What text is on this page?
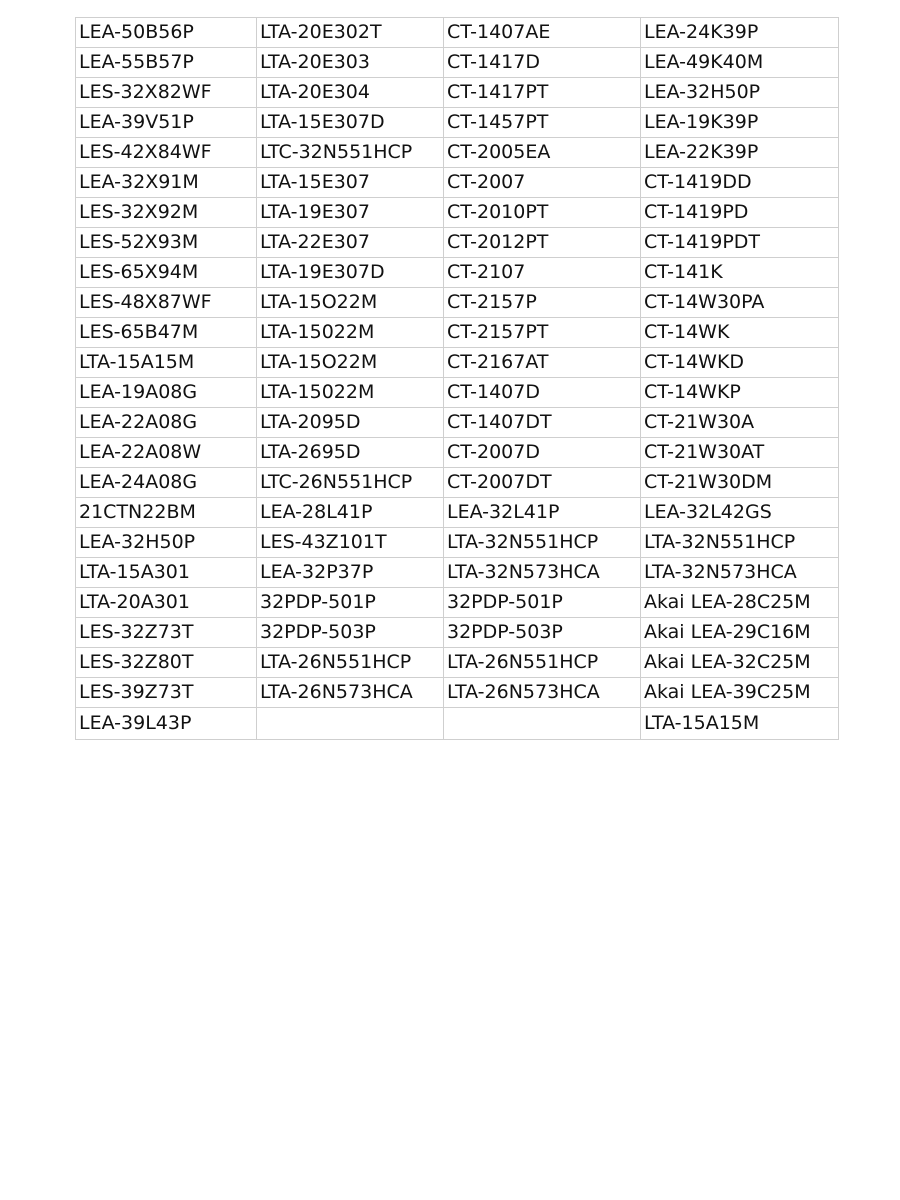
LEA-50B56P	LTA-20E302T	CT-1407AE	LEA-24K39P
LEA-55B57P	LTA-20E303	CT-1417D	LEA-49K40M
LES-32X82WF	LTA-20E304	CT-1417PT	LEA-32H50P
LEA-39V51P	LTA-15E307D	CT-1457PT	LEA-19K39P
LES-42X84WF	LTC-32N551HCP	CT-2005EA	LEA-22K39P
LEA-32X91M	LTA-15E307	CT-2007	CT-1419DD
LES-32X92M	LTA-19E307	CT-2010PT	CT-1419PD
LES-52X93M	LTA-22E307	CT-2012PT	CT-1419PDT
LES-65X94M	LTA-19E307D	CT-2107	CT-141K
LES-48X87WF	LTA-15O22M	CT-2157P	CT-14W30PA
LES-65B47M	LTA-15022M	CT-2157PT	CT-14WK
LTA-15A15M	LTA-15O22M	CT-2167AT	CT-14WKD
LEA-19A08G	LTA-15022M	CT-1407D	CT-14WKP
LEA-22A08G	LTA-2095D	CT-1407DT	CT-21W30A
LEA-22A08W	LTA-2695D	CT-2007D	CT-21W30AT
LEA-24A08G	LTC-26N551HCP	CT-2007DT	CT-21W30DM
21CTN22BM	LEA-28L41P	LEA-32L41P	LEA-32L42GS
LEA-32H50P	LES-43Z101T	LTA-32N551HCP	LTA-32N551HCP
LTA-15A301	LEA-32P37P	LTA-32N573HCA	LTA-32N573HCA
LTA-20A301	32PDP-501P	32PDP-501P	Akai LEA-28C25M
LES-32Z73T	32PDP-503P	32PDP-503P	Akai LEA-29C16M
LES-32Z80T	LTA-26N551HCP	LTA-26N551HCP	Akai LEA-32C25M
LES-39Z73T	LTA-26N573HCA	LTA-26N573HCA	Akai LEA-39C25M
LEA-39L43P			LTA-15A15M
